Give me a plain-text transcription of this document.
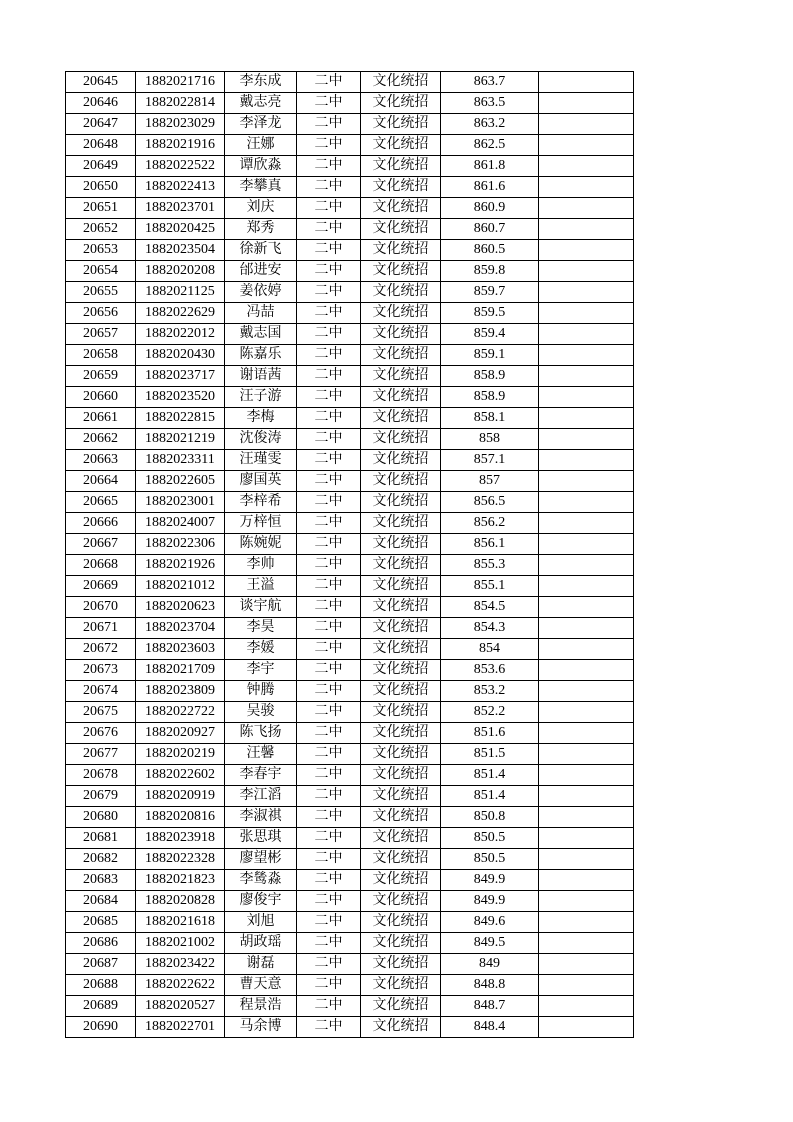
20645	1882021716	李东成	二中	文化统招	863.7	
20646	1882022814	戴志亮	二中	文化统招	863.5	
20647	1882023029	李泽龙	二中	文化统招	863.2	
20648	1882021916	汪娜	二中	文化统招	862.5	
20649	1882022522	谭欣淼	二中	文化统招	861.8	
20650	1882022413	李攀真	二中	文化统招	861.6	
20651	1882023701	刘庆	二中	文化统招	860.9	
20652	1882020425	郑秀	二中	文化统招	860.7	
20653	1882023504	徐新飞	二中	文化统招	860.5	
20654	1882020208	邰进安	二中	文化统招	859.8	
20655	1882021125	姜依婷	二中	文化统招	859.7	
20656	1882022629	冯喆	二中	文化统招	859.5	
20657	1882022012	戴志国	二中	文化统招	859.4	
20658	1882020430	陈嘉乐	二中	文化统招	859.1	
20659	1882023717	谢语茜	二中	文化统招	858.9	
20660	1882023520	汪子游	二中	文化统招	858.9	
20661	1882022815	李梅	二中	文化统招	858.1	
20662	1882021219	沈俊涛	二中	文化统招	858	
20663	1882023311	汪瑾雯	二中	文化统招	857.1	
20664	1882022605	廖国英	二中	文化统招	857	
20665	1882023001	李梓希	二中	文化统招	856.5	
20666	1882024007	万梓恒	二中	文化统招	856.2	
20667	1882022306	陈婉妮	二中	文化统招	856.1	
20668	1882021926	李帅	二中	文化统招	855.3	
20669	1882021012	王溢	二中	文化统招	855.1	
20670	1882020623	谈宇航	二中	文化统招	854.5	
20671	1882023704	李昊	二中	文化统招	854.3	
20672	1882023603	李媛	二中	文化统招	854	
20673	1882021709	李宇	二中	文化统招	853.6	
20674	1882023809	钟腾	二中	文化统招	853.2	
20675	1882022722	吴骏	二中	文化统招	852.2	
20676	1882020927	陈飞扬	二中	文化统招	851.6	
20677	1882020219	汪馨	二中	文化统招	851.5	
20678	1882022602	李春宇	二中	文化统招	851.4	
20679	1882020919	李江滔	二中	文化统招	851.4	
20680	1882020816	李淑祺	二中	文化统招	850.8	
20681	1882023918	张思琪	二中	文化统招	850.5	
20682	1882022328	廖望彬	二中	文化统招	850.5	
20683	1882021823	李鸶淼	二中	文化统招	849.9	
20684	1882020828	廖俊宇	二中	文化统招	849.9	
20685	1882021618	刘旭	二中	文化统招	849.6	
20686	1882021002	胡政瑶	二中	文化统招	849.5	
20687	1882023422	谢磊	二中	文化统招	849	
20688	1882022622	曹天意	二中	文化统招	848.8	
20689	1882020527	程景浩	二中	文化统招	848.7	
20690	1882022701	马余博	二中	文化统招	848.4	
